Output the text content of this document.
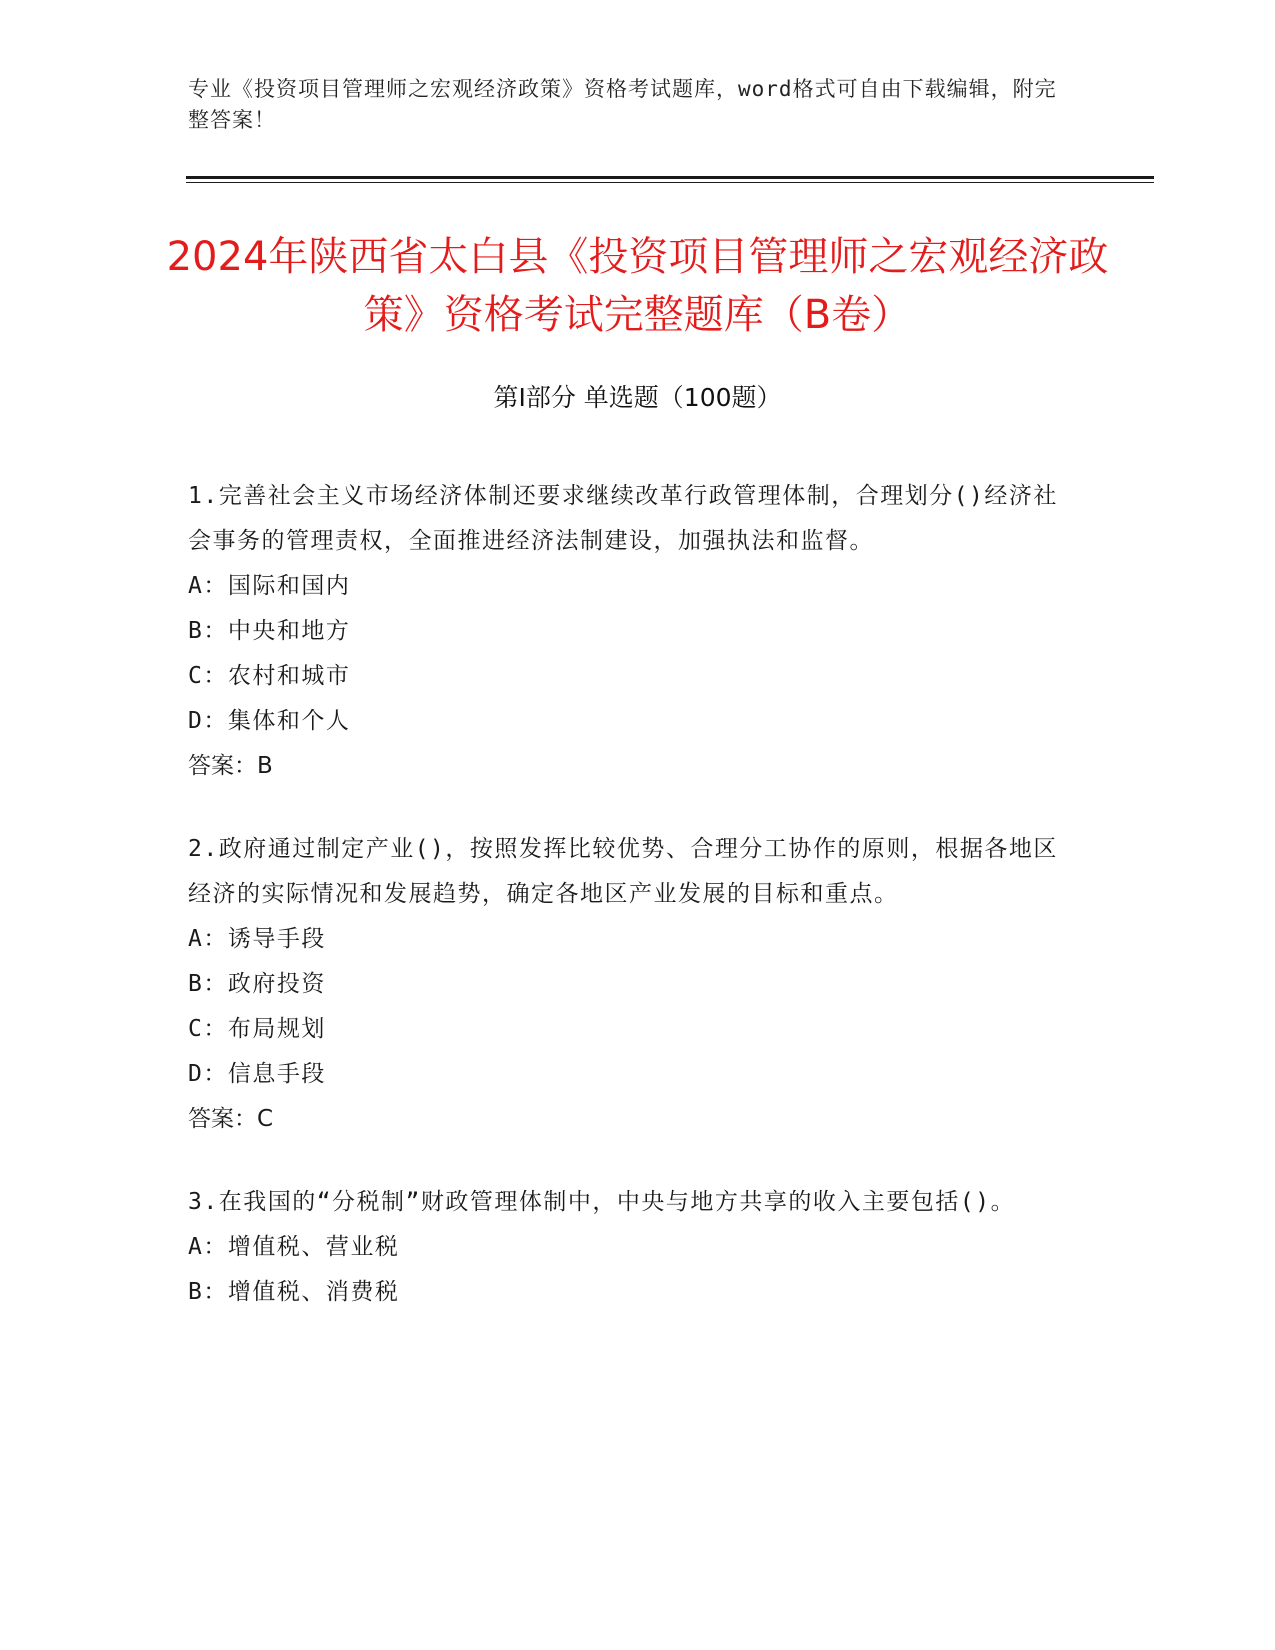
专业《投资项目管理师之宏观经济政策》资格考试题库，word格式可自由下载编辑，附完整答案！
2024年陕西省太白县《投资项目管理师之宏观经济政策》资格考试完整题库（B卷）
第I部分 单选题（100题）
1.完善社会主义市场经济体制还要求继续改革行政管理体制，合理划分()经济社会事务的管理责权，全面推进经济法制建设，加强执法和监督。
A：国际和国内
B：中央和地方
C：农村和城市
D：集体和个人
答案：B
2.政府通过制定产业()，按照发挥比较优势、合理分工协作的原则，根据各地区经济的实际情况和发展趋势，确定各地区产业发展的目标和重点。
A：诱导手段
B：政府投资
C：布局规划
D：信息手段
答案：C
3.在我国的“分税制”财政管理体制中，中央与地方共享的收入主要包括()。
A：增值税、营业税
B：增值税、消费税
